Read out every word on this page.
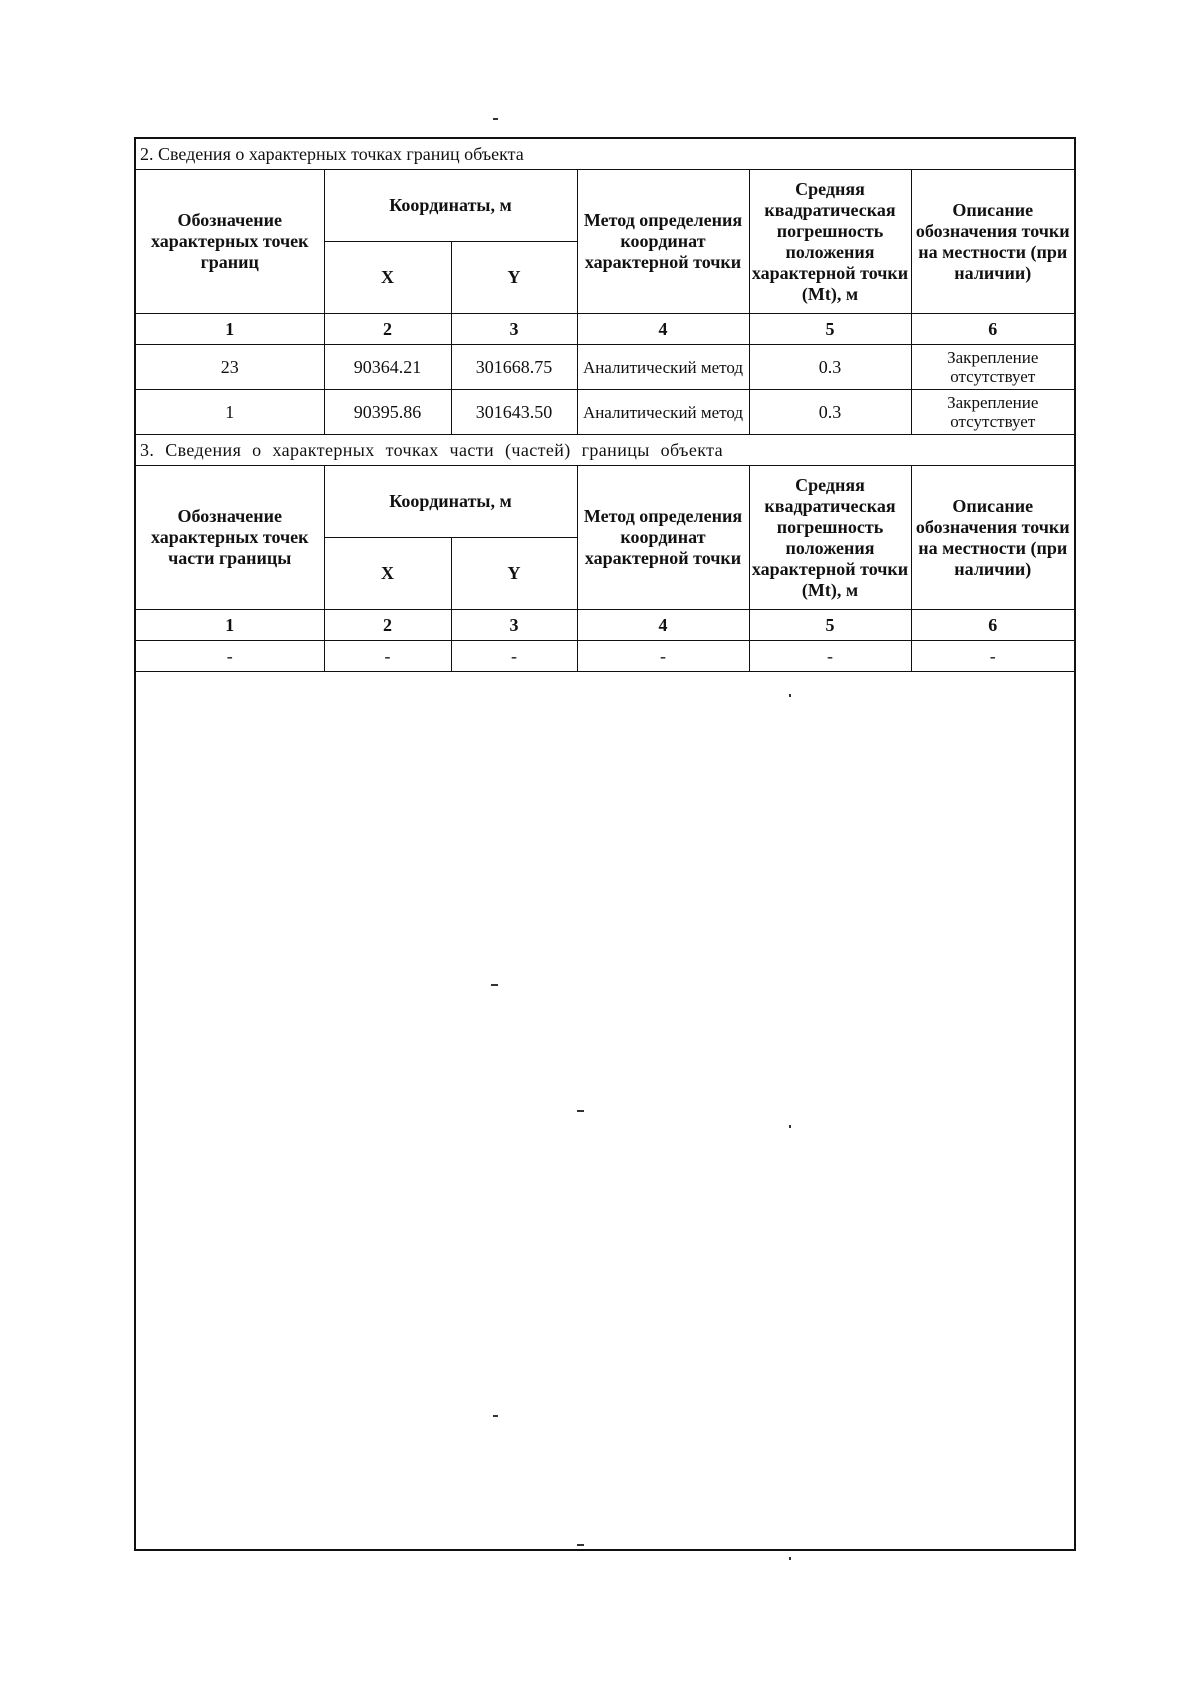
2. Сведения о характерных точках границ объекта					
Обозначение характерных точек границ	Координаты, м		Метод определения координат характерной точки	Средняя квадратическая погрешность положения характерной точки (Mt), м	Описание обозначения точки на местности (при наличии)
	X	Y			
1	2	3	4	5	6
23	90364.21	301668.75	Аналитический метод	0.3	Закрепление отсутствует
1	90395.86	301643.50	Аналитический метод	0.3	Закрепление отсутствует
3. Сведения о характерных точках части (частей) границы объекта					
Обозначение характерных точек части границы	Координаты, м		Метод определения координат характерной точки	Средняя квадратическая погрешность положения характерной точки (Mt), м	Описание обозначения точки на местности (при наличии)
	X	Y			
1	2	3	4	5	6
-	-	-	-	-	-
